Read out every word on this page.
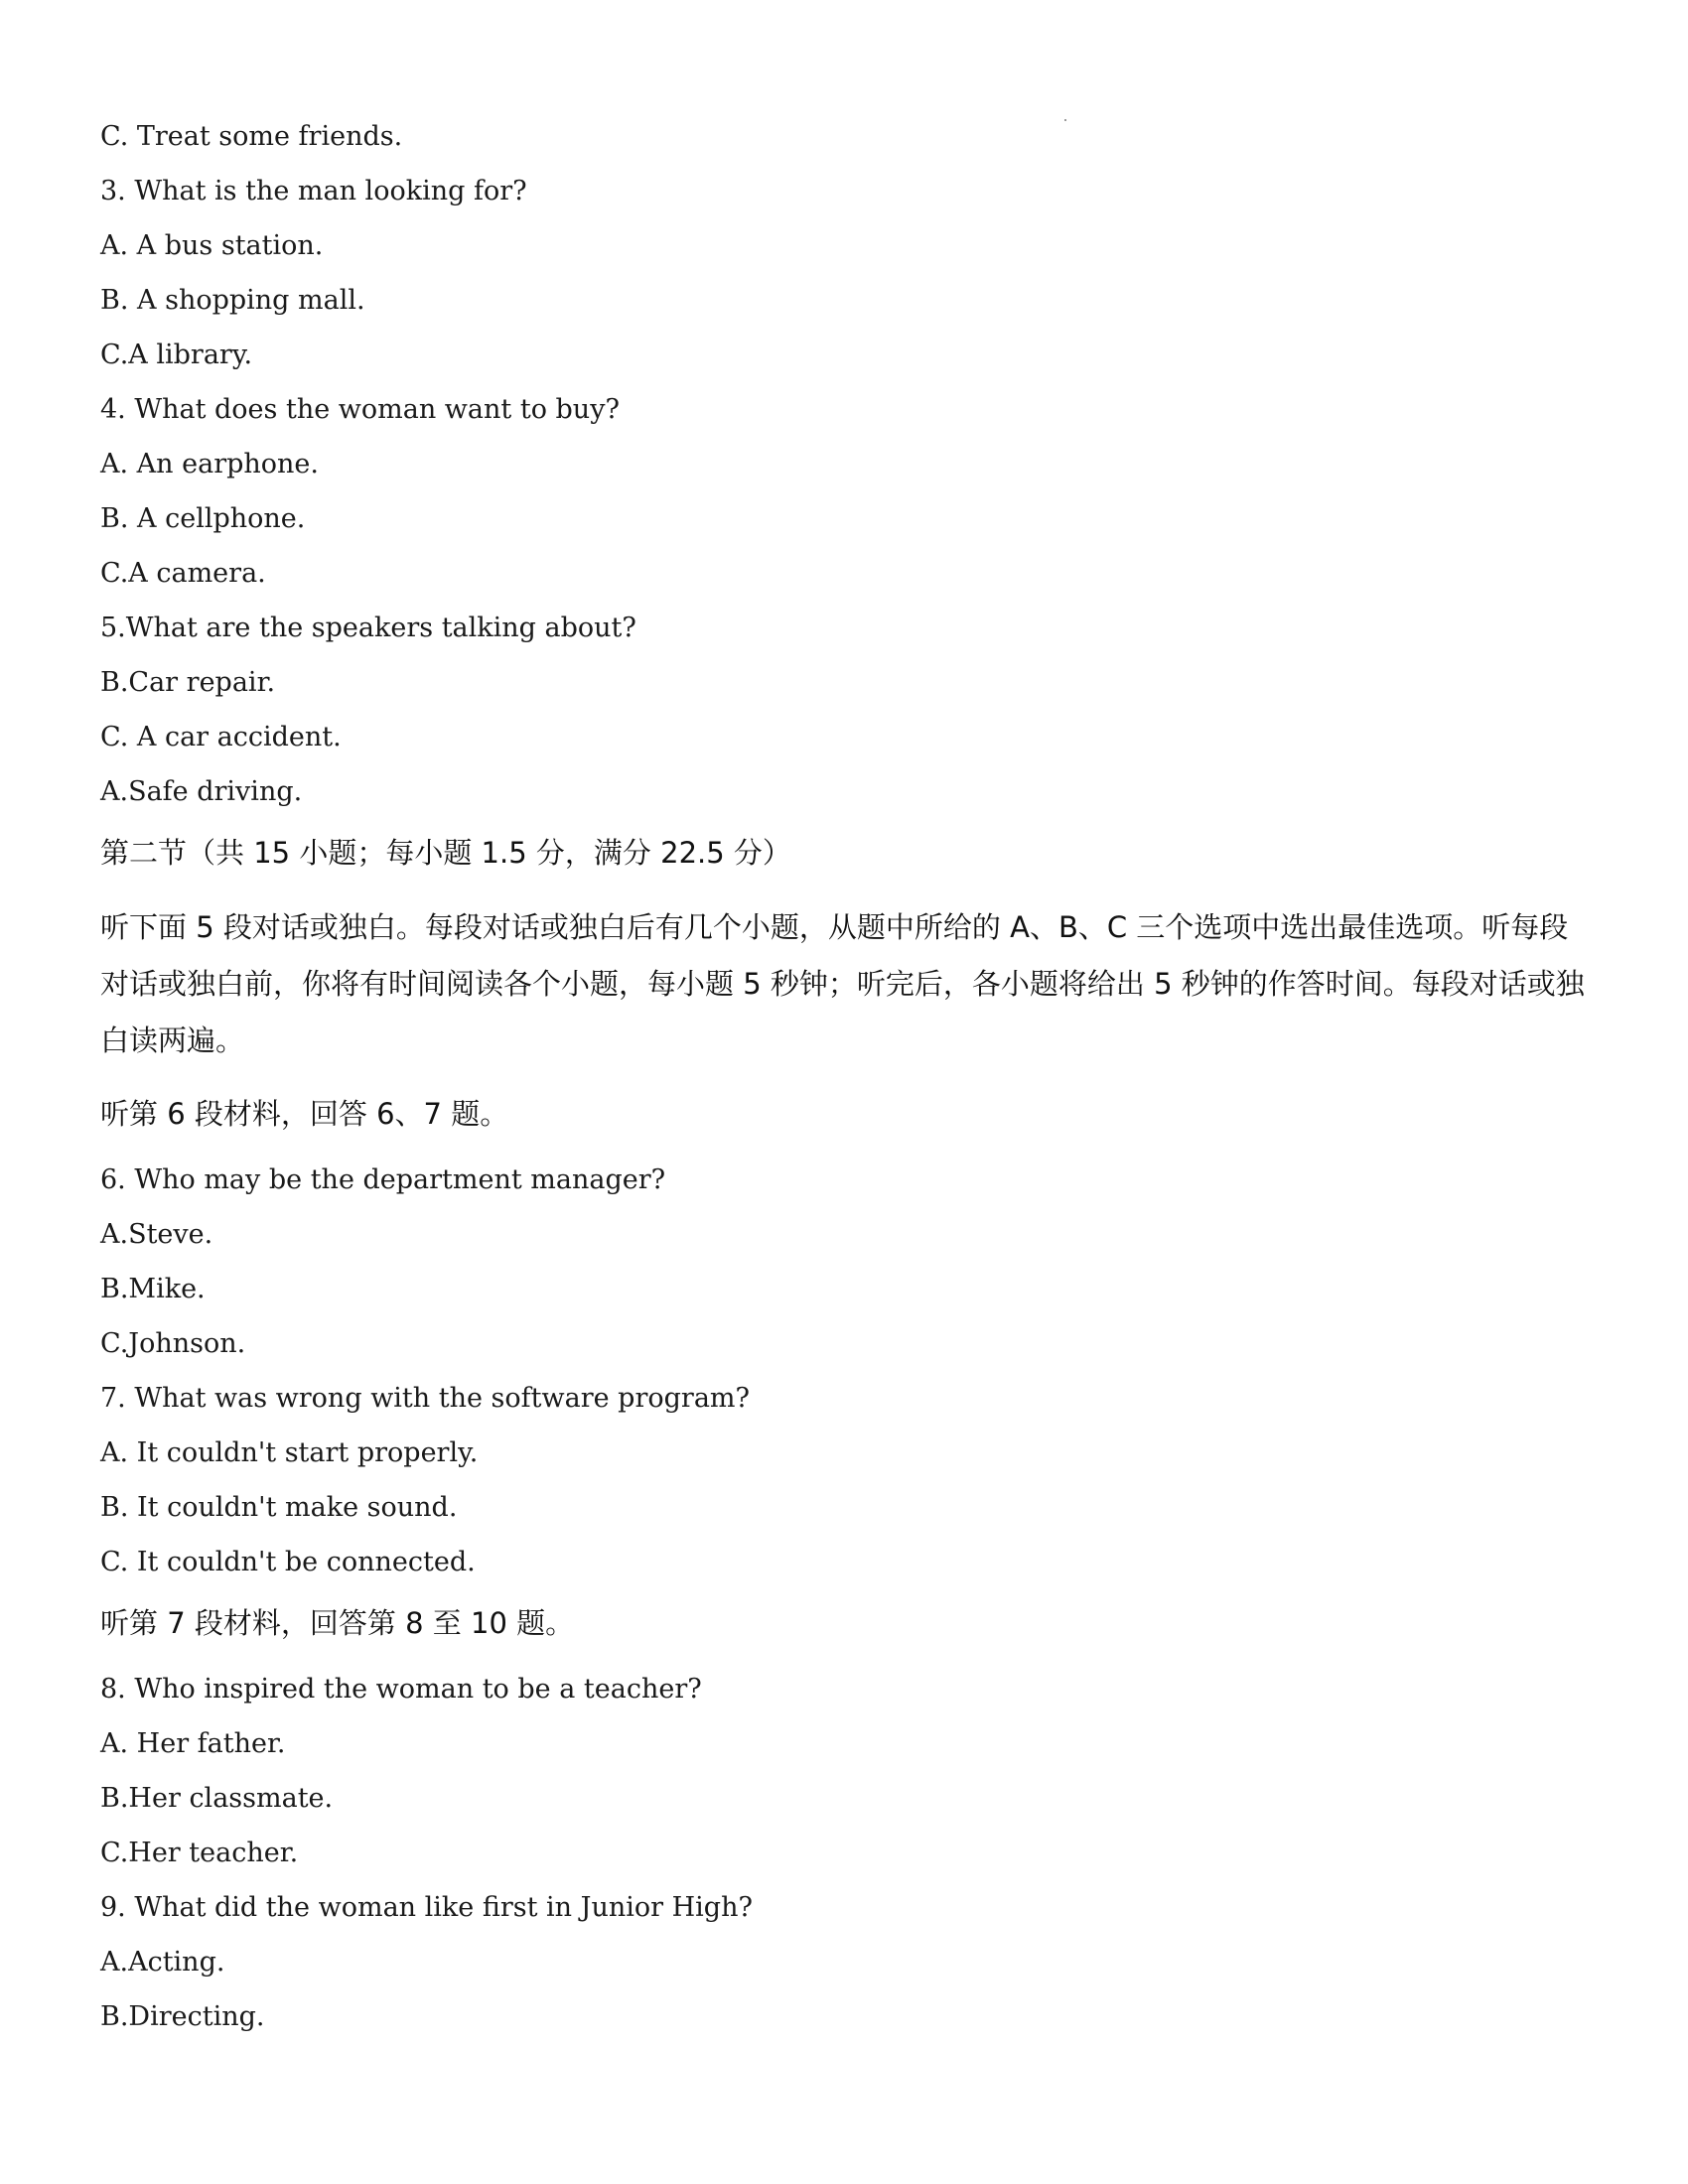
C. Treat some friends.
3. What is the man looking for?
A. A bus station.
B. A shopping mall.
C.A library.
4. What does the woman want to buy?
A. An earphone.
B. A cellphone.
C.A camera.
5.What are the speakers talking about?
B.Car repair.
C. A car accident.
A.Safe driving.
第二节（共 15 小题；每小题 1.5 分，满分 22.5 分）
听下面 5 段对话或独白。每段对话或独白后有几个小题，从题中所给的 A、B、C 三个选项中选出最佳选项。听每段
对话或独白前，你将有时间阅读各个小题，每小题 5 秒钟；听完后，各小题将给出 5 秒钟的作答时间。每段对话或独
白读两遍。
听第 6 段材料，回答 6、7 题。
6. Who may be the department manager?
A.Steve.
B.Mike.
C.Johnson.
7. What was wrong with the software program?
A. It couldn't start properly.
B. It couldn't make sound.
C. It couldn't be connected.
听第 7 段材料，回答第 8 至 10 题。
8. Who inspired the woman to be a teacher?
A. Her father.
B.Her classmate.
C.Her teacher.
9. What did the woman like first in Junior High?
A.Acting.
B.Directing.
